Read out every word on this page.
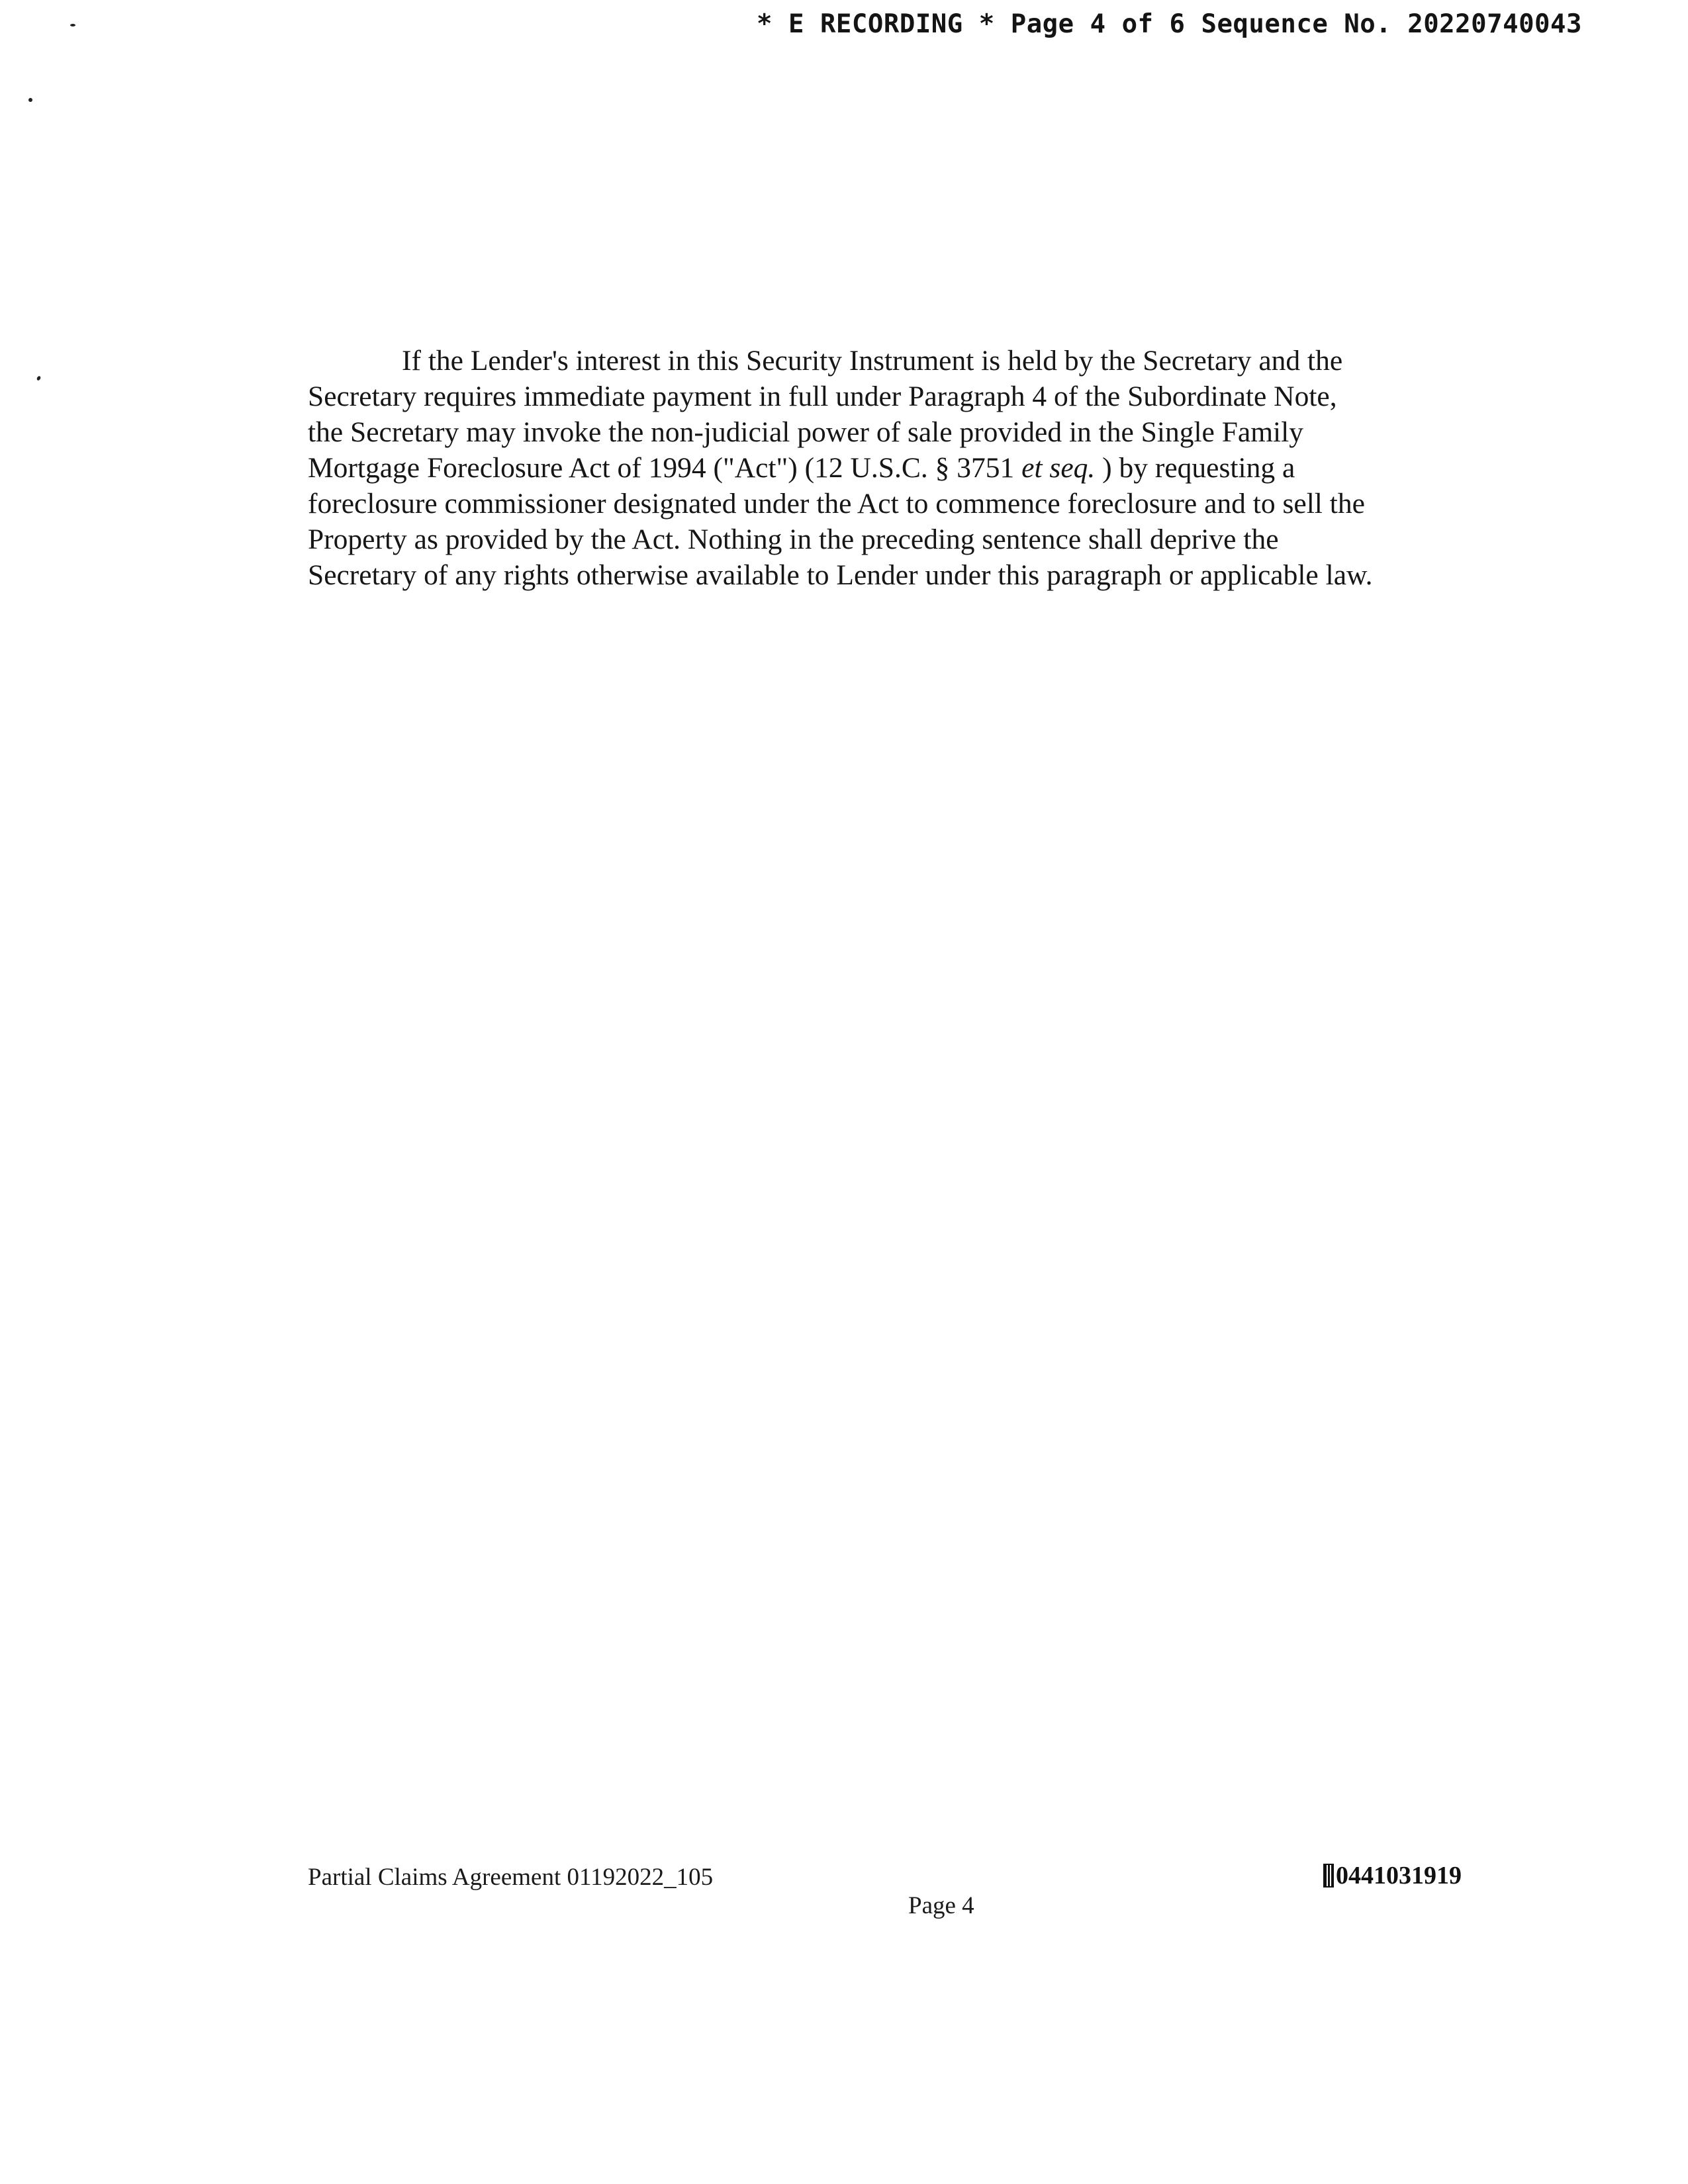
* E RECORDING * Page 4 of 6 Sequence No. 20220740043
If the Lender's interest in this Security Instrument is held by the Secretary and the
Secretary requires immediate payment in full under Paragraph 4 of the Subordinate Note,
the Secretary may invoke the non-judicial power of sale provided in the Single Family
Mortgage Foreclosure Act of 1994 ("Act") (12 U.S.C. § 3751 et seq. ) by requesting a
foreclosure commissioner designated under the Act to commence foreclosure and to sell the
Property as provided by the Act. Nothing in the preceding sentence shall deprive the
Secretary of any rights otherwise available to Lender under this paragraph or applicable law.
Partial Claims Agreement 01192022_105
Page 4
0441031919
